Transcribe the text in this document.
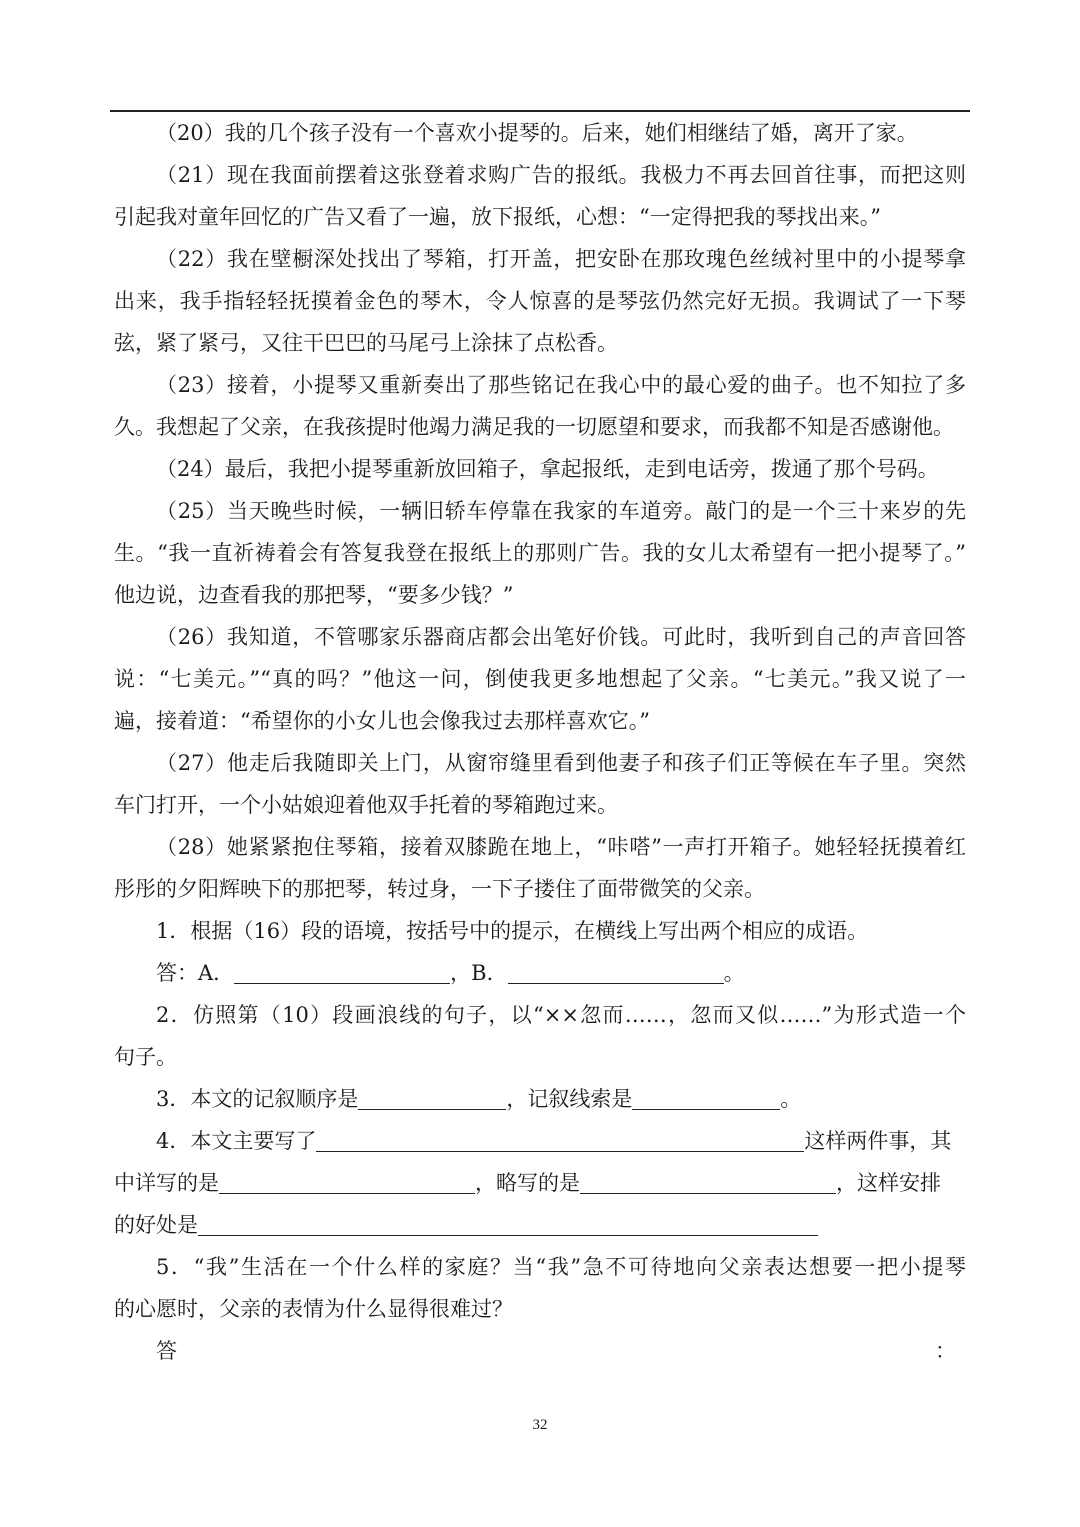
（20）我的几个孩子没有一个喜欢小提琴的。后来，她们相继结了婚，离开了家。
（21）现在我面前摆着这张登着求购广告的报纸。我极力不再去回首往事，而把这则
引起我对童年回忆的广告又看了一遍，放下报纸，心想：“一定得把我的琴找出来。”
（22）我在壁橱深处找出了琴箱，打开盖，把安卧在那玫瑰色丝绒衬里中的小提琴拿
出来，我手指轻轻抚摸着金色的琴木，令人惊喜的是琴弦仍然完好无损。我调试了一下琴
弦，紧了紧弓，又往干巴巴的马尾弓上涂抹了点松香。
（23）接着，小提琴又重新奏出了那些铭记在我心中的最心爱的曲子。也不知拉了多
久。我想起了父亲，在我孩提时他竭力满足我的一切愿望和要求，而我都不知是否感谢他。
（24）最后，我把小提琴重新放回箱子，拿起报纸，走到电话旁，拨通了那个号码。
（25）当天晚些时候，一辆旧轿车停靠在我家的车道旁。敲门的是一个三十来岁的先
生。“我一直祈祷着会有答复我登在报纸上的那则广告。我的女儿太希望有一把小提琴了。”
他边说，边查看我的那把琴，“要多少钱？”
（26）我知道，不管哪家乐器商店都会出笔好价钱。可此时，我听到自己的声音回答
说：“七美元。”“真的吗？”他这一问，倒使我更多地想起了父亲。“七美元。”我又说了一
遍，接着道：“希望你的小女儿也会像我过去那样喜欢它。”
（27）他走后我随即关上门，从窗帘缝里看到他妻子和孩子们正等候在车子里。突然
车门打开，一个小姑娘迎着他双手托着的琴箱跑过来。
（28）她紧紧抱住琴箱，接着双膝跪在地上，“咔嗒”一声打开箱子。她轻轻抚摸着红
彤彤的夕阳辉映下的那把琴，转过身，一下子搂住了面带微笑的父亲。
1．根据（16）段的语境，按括号中的提示，在横线上写出两个相应的成语。
答：A．	，B．	。
2．仿照第（10）段画浪线的句子，以“××忽而……，忽而又似……”为形式造一个
句子。
3．本文的记叙顺序是	，记叙线索是	。
4．本文主要写了	这样两件事，其
中详写的是	，略写的是	，这样安排
的好处是
5．“我”生活在一个什么样的家庭？当“我”急不可待地向父亲表达想要一把小提琴
的心愿时，父亲的表情为什么显得很难过？
答	：
32
